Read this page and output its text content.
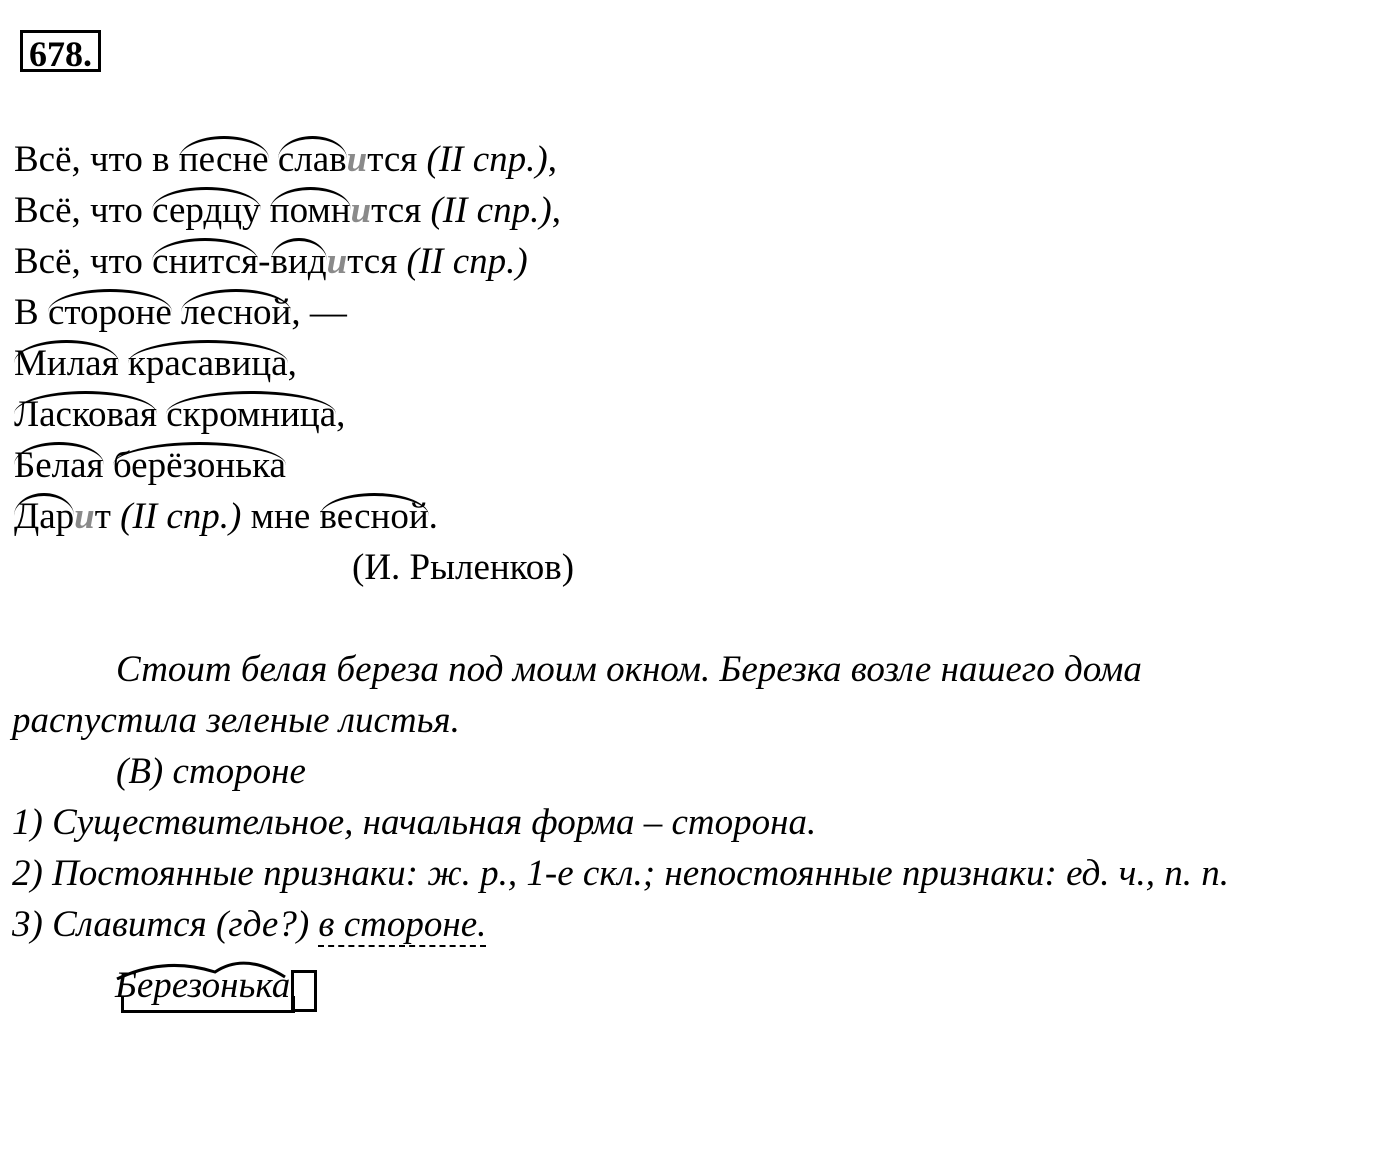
678.
Всё, что в песне славится (II спр.),
Всё, что сердцу помнится (II спр.),
Всё, что снится-видится (II спр.)
В стороне лесной, —
Милая красавица,
Ласковая скромница,
Белая берёзонька
Дарит (II спр.) мне весной.
(И. Рыленков)

Стоит белая береза под моим окном. Березка возле нашего дома

распустила зеленые листья.

(В) стороне

1) Существительное, начальная форма – сторона.

2) Постоянные признаки: ж. р., 1-е скл.; непостоянные признаки: ед. ч., п. п.

3) Славится (где?) в стороне.

Березонька
